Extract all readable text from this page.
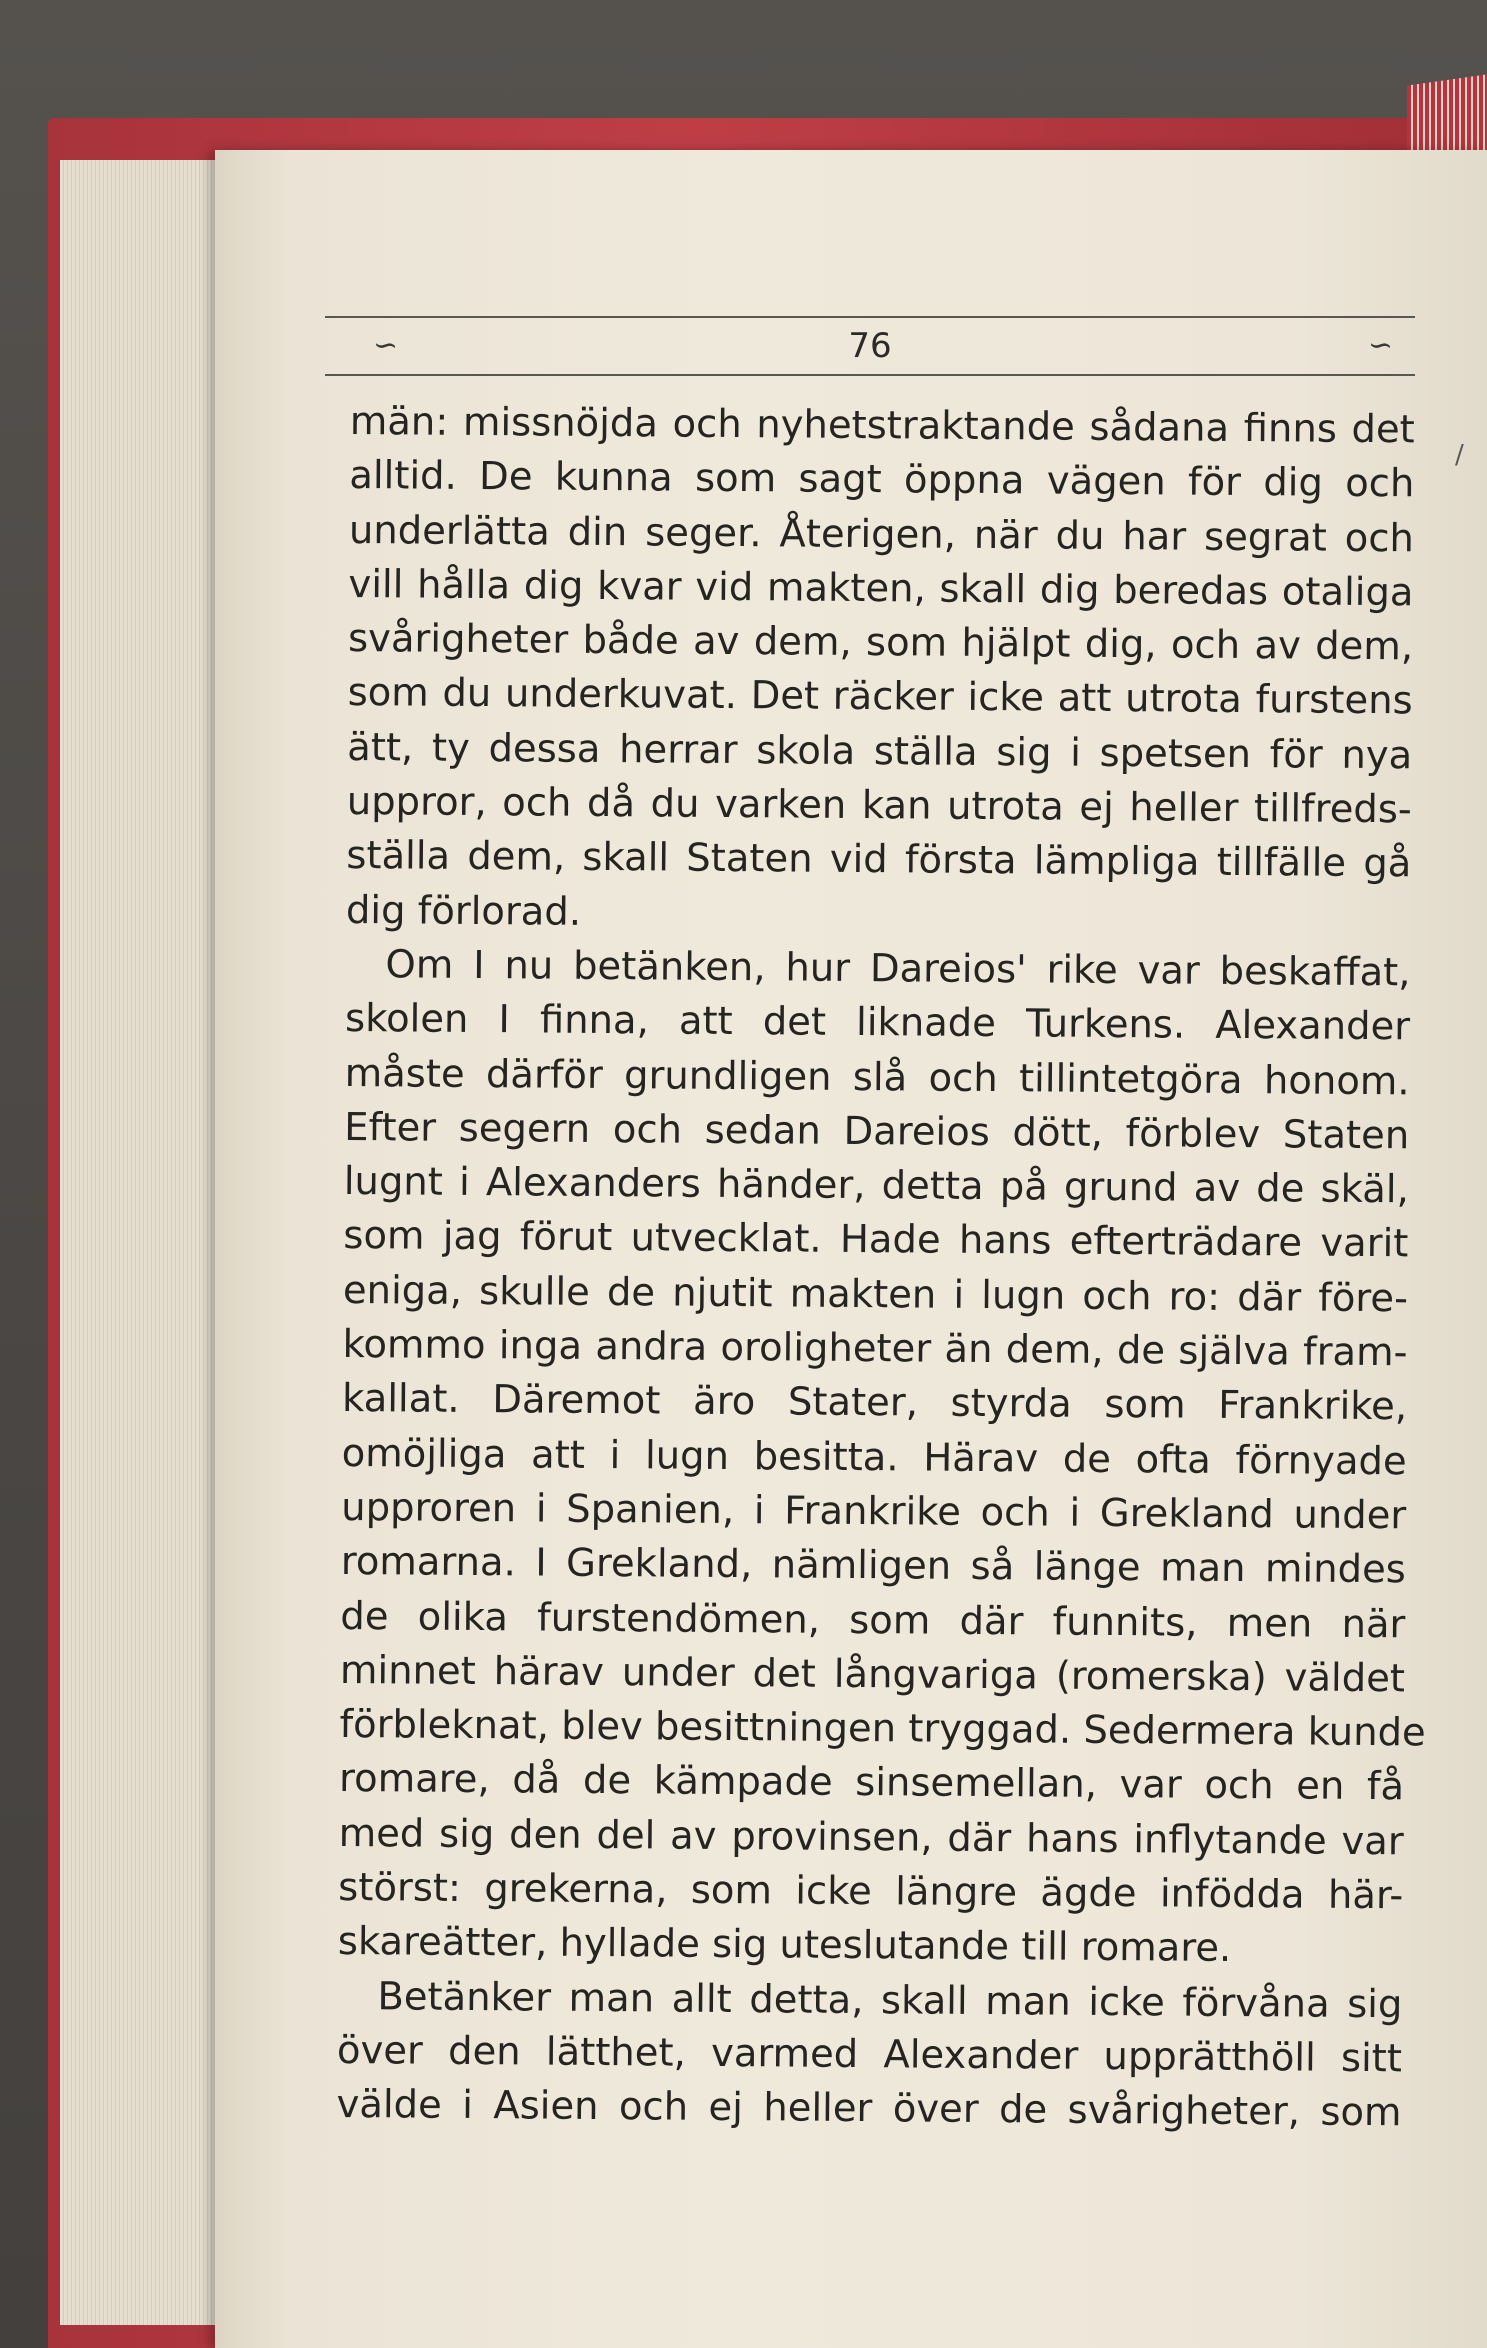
∽	76	∽
/
män: missnöjda och nyhetstraktande sådana finns det
alltid. De kunna som sagt öppna vägen för dig och
underlätta din seger. Återigen, när du har segrat och
vill hålla dig kvar vid makten, skall dig beredas otaliga
svårigheter både av dem, som hjälpt dig, och av dem,
som du underkuvat. Det räcker icke att utrota furstens
ätt, ty dessa herrar skola ställa sig i spetsen för nya
uppror, och då du varken kan utrota ej heller tillfreds-
ställa dem, skall Staten vid första lämpliga tillfälle gå
dig förlorad.
Om I nu betänken, hur Dareios' rike var beskaffat,
skolen I finna, att det liknade Turkens. Alexander
måste därför grundligen slå och tillintetgöra honom.
Efter segern och sedan Dareios dött, förblev Staten
lugnt i Alexanders händer, detta på grund av de skäl,
som jag förut utvecklat. Hade hans efterträdare varit
eniga, skulle de njutit makten i lugn och ro: där före-
kommo inga andra oroligheter än dem, de själva fram-
kallat. Däremot äro Stater, styrda som Frankrike,
omöjliga att i lugn besitta. Härav de ofta förnyade
upproren i Spanien, i Frankrike och i Grekland under
romarna. I Grekland, nämligen så länge man mindes
de olika furstendömen, som där funnits, men när
minnet härav under det långvariga (romerska) väldet
förbleknat, blev besittningen tryggad. Sedermera kunde
romare, då de kämpade sinsemellan, var och en få
med sig den del av provinsen, där hans inflytande var
störst: grekerna, som icke längre ägde infödda här-
skareätter, hyllade sig uteslutande till romare.
Betänker man allt detta, skall man icke förvåna sig
över den lätthet, varmed Alexander upprätthöll sitt
välde i Asien och ej heller över de svårigheter, som
